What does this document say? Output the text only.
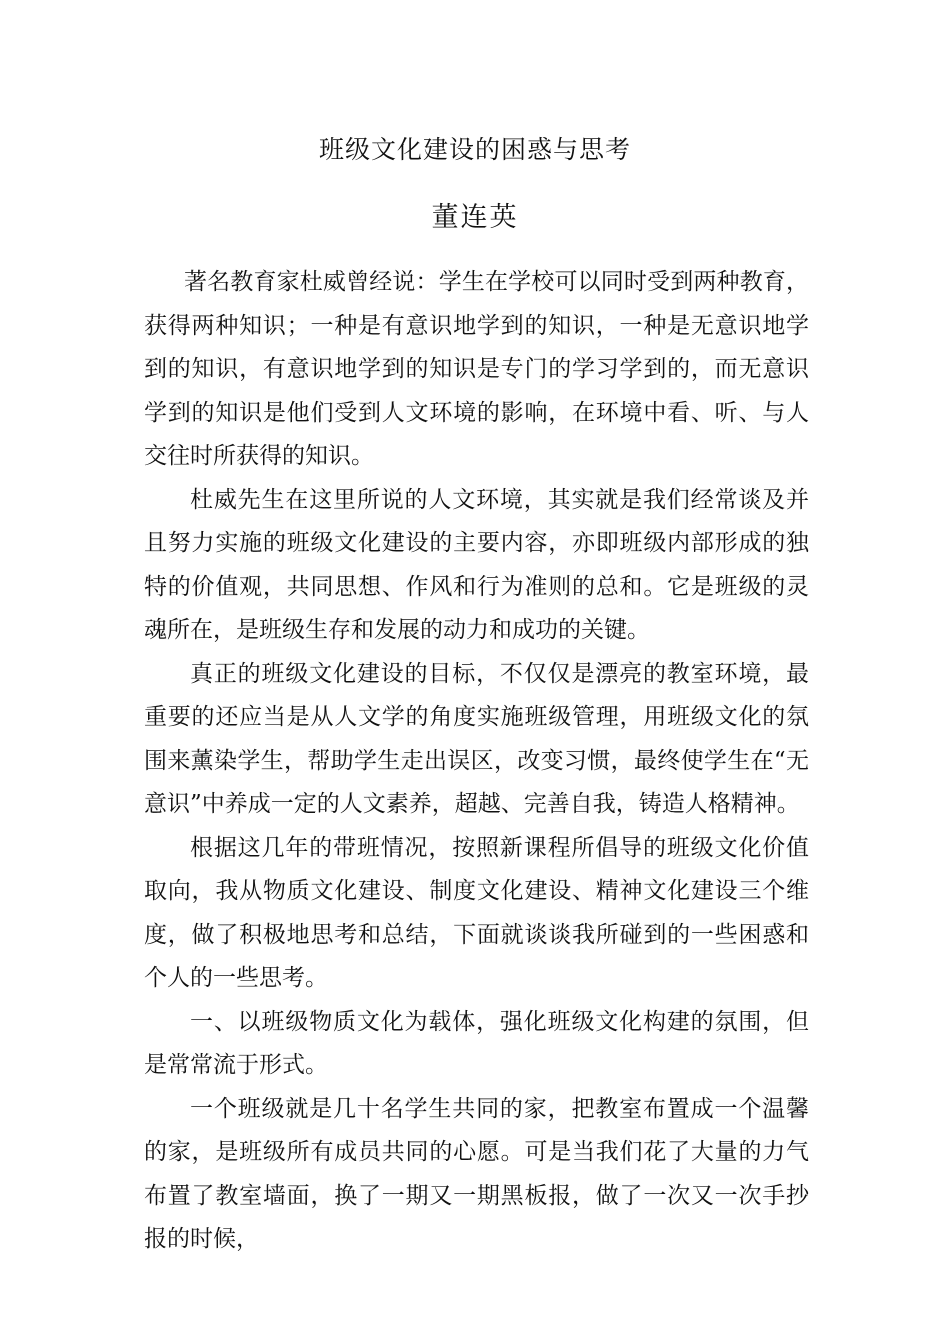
班级文化建设的困惑与思考
董连英

著名教育家杜威曾经说：学生在学校可以同时受到两种教育，获得两种知识；一种是有意识地学到的知识，一种是无意识地学到的知识，有意识地学到的知识是专门的学习学到的，而无意识学到的知识是他们受到人文环境的影响，在环境中看、听、与人交往时所获得的知识。

杜威先生在这里所说的人文环境，其实就是我们经常谈及并且努力实施的班级文化建设的主要内容，亦即班级内部形成的独特的价值观，共同思想、作风和行为准则的总和。它是班级的灵魂所在，是班级生存和发展的动力和成功的关键。

真正的班级文化建设的目标，不仅仅是漂亮的教室环境，最重要的还应当是从人文学的角度实施班级管理，用班级文化的氛围来薰染学生，帮助学生走出误区，改变习惯，最终使学生在“无意识”中养成一定的人文素养，超越、完善自我，铸造人格精神。

根据这几年的带班情况，按照新课程所倡导的班级文化价值取向，我从物质文化建设、制度文化建设、精神文化建设三个维度，做了积极地思考和总结，下面就谈谈我所碰到的一些困惑和个人的一些思考。

一、以班级物质文化为载体，强化班级文化构建的氛围，但是常常流于形式。

一个班级就是几十名学生共同的家，把教室布置成一个温馨的家，是班级所有成员共同的心愿。可是当我们花了大量的力气布置了教室墙面，换了一期又一期黑板报，做了一次又一次手抄报的时候，
